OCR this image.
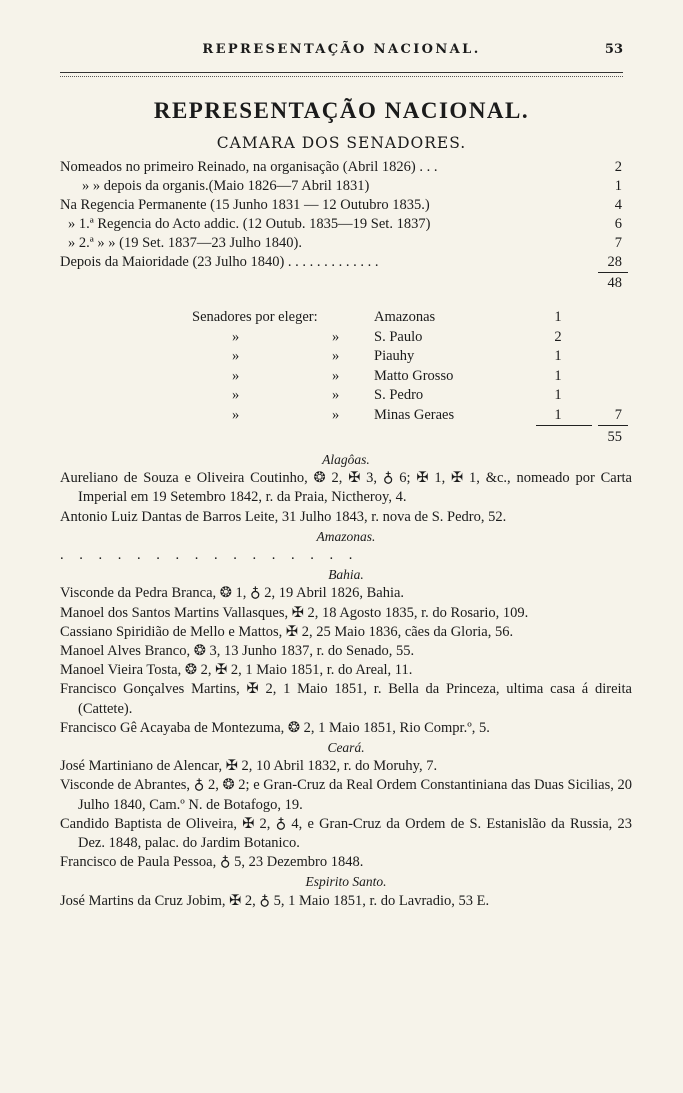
REPRESENTAÇÃO NACIONAL.	53
REPRESENTAÇÃO NACIONAL.
CAMARA DOS SENADORES.
Nomeados no primeiro Reinado, na organisação (Abril 1826) . . .	2
» » depois da organis.(Maio 1826—7 Abril 1831)	1
Na Regencia Permanente (15 Junho 1831 — 12 Outubro 1835.)	4
» 1.ª Regencia do Acto addic. (12 Outub. 1835—19 Set. 1837)	6
» 2.ª » » (19 Set. 1837—23 Julho 1840).	7
Depois da Maioridade (23 Julho 1840) . . . . . . . . . . . . .	28
48
Senadores por eleger:	Amazonas	1
»	» S. Paulo	2
»	» Piauhy	1
»	» Matto Grosso	1
»	» S. Pedro	1
»	» Minas Geraes	1	7
55

Alagôas.

Aureliano de Souza e Oliveira Coutinho, ❂ 2, ✠ 3, ♁ 6; ✠ 1, ✠ 1, &c., nomeado por Carta Imperial em 19 Setembro 1842, r. da Praia, Nictheroy, 4.

Antonio Luiz Dantas de Barros Leite, 31 Julho 1843, r. nova de S. Pedro, 52.

Amazonas.

. . . . . . . . . . . . . . . .

Bahia.

Visconde da Pedra Branca, ❂ 1, ♁ 2, 19 Abril 1826, Bahia.

Manoel dos Santos Martins Vallasques, ✠ 2, 18 Agosto 1835, r. do Rosario, 109.

Cassiano Spiridião de Mello e Mattos, ✠ 2, 25 Maio 1836, cães da Gloria, 56.

Manoel Alves Branco, ❂ 3, 13 Junho 1837, r. do Senado, 55.

Manoel Vieira Tosta, ❂ 2, ✠ 2, 1 Maio 1851, r. do Areal, 11.

Francisco Gonçalves Martins, ✠ 2, 1 Maio 1851, r. Bella da Princeza, ultima casa á direita (Cattete).

Francisco Gê Acayaba de Montezuma, ❂ 2, 1 Maio 1851, Rio Compr.º, 5.

Ceará.

José Martiniano de Alencar, ✠ 2, 10 Abril 1832, r. do Moruhy, 7.

Visconde de Abrantes, ♁ 2, ❂ 2; e Gran-Cruz da Real Ordem Constantiniana das Duas Sicilias, 20 Julho 1840, Cam.º N. de Botafogo, 19.

Candido Baptista de Oliveira, ✠ 2, ♁ 4, e Gran-Cruz da Ordem de S. Estanislão da Russia, 23 Dez. 1848, palac. do Jardim Botanico.

Francisco de Paula Pessoa, ♁ 5, 23 Dezembro 1848.

Espirito Santo.

José Martins da Cruz Jobim, ✠ 2, ♁ 5, 1 Maio 1851, r. do Lavradio, 53 E.
